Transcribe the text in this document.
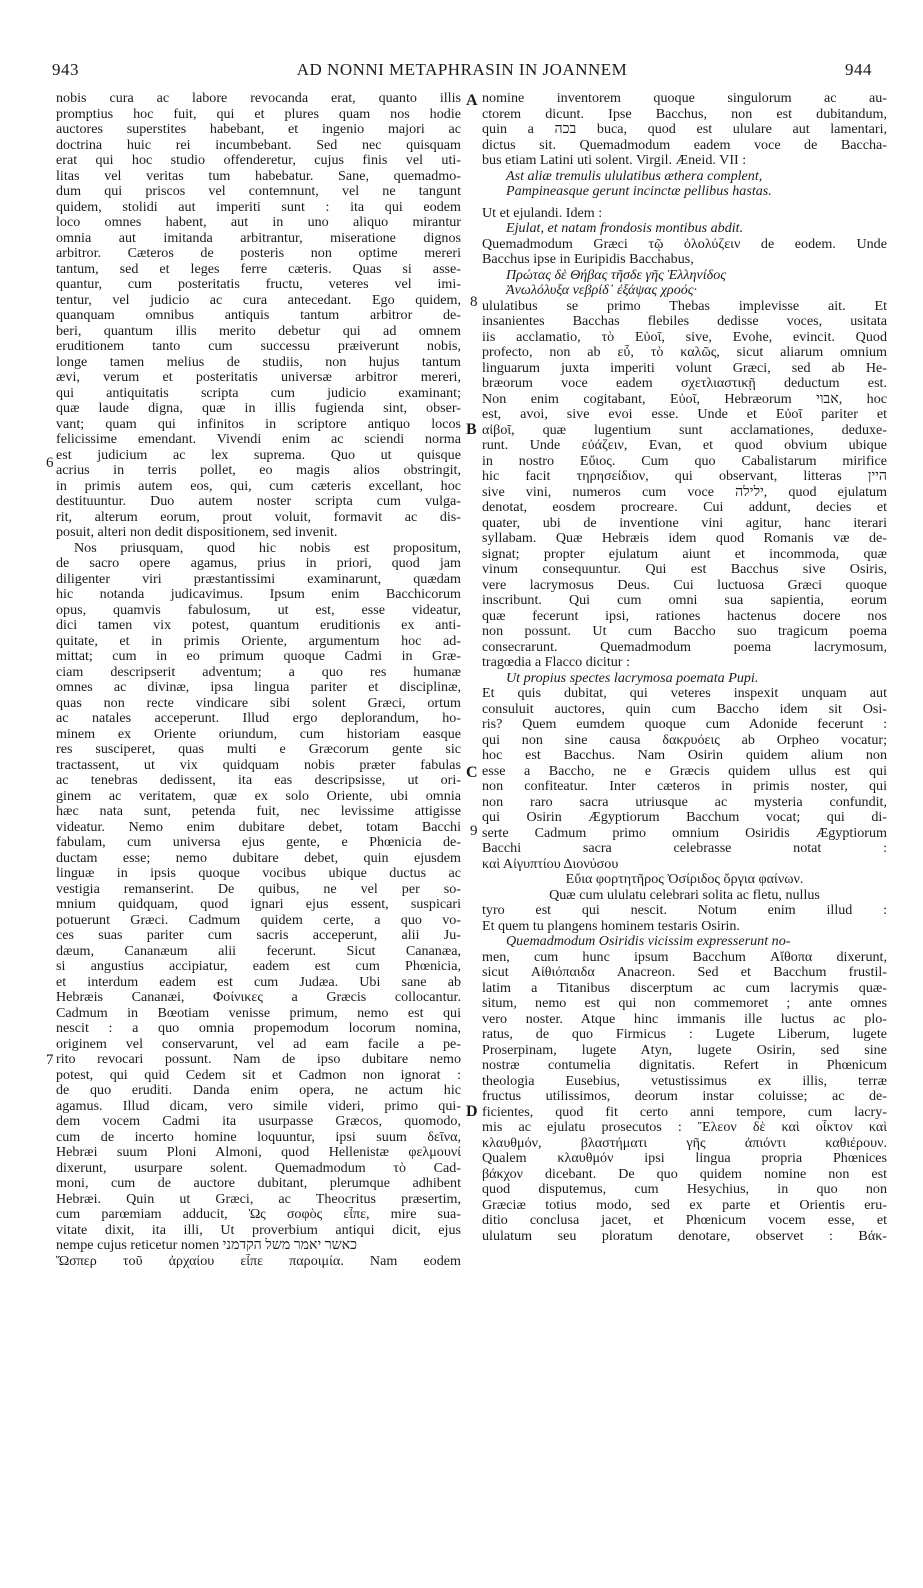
943	AD NONNI METAPHRASIN IN JOANNEM	944
nobis cura ac labore revocanda erat, quanto illis
promptius hoc fuit, qui et plures quam nos hodie
auctores superstites habebant, et ingenio majori ac
doctrina huic rei incumbebant. Sed nec quisquam
erat qui hoc studio offenderetur, cujus finis vel uti-
litas vel veritas tum habebatur. Sane, quemadmo-
dum qui priscos vel contemnunt, vel ne tangunt
quidem, stolidi aut imperiti sunt : ita qui eodem
loco omnes habent, aut in uno aliquo mirantur
omnia aut imitanda arbitrantur, miseratione dignos
arbitror. Cæteros de posteris non optime mereri
tantum, sed et leges ferre cæteris. Quas si asse-
quantur, cum posteritatis fructu, veteres vel imi-
tentur, vel judicio ac cura antecedant. Ego quidem,
quanquam omnibus antiquis tantum arbitror de-
beri, quantum illis merito debetur qui ad omnem
eruditionem tanto cum successu præiverunt nobis,
longe tamen melius de studiis, non hujus tantum
ævi, verum et posteritatis universæ arbitror mereri,
qui antiquitatis scripta cum judicio examinant;
quæ laude digna, quæ in illis fugienda sint, obser-
vant; quam qui infinitos in scriptore antiquo locos
felicissime emendant. Vivendi enim ac sciendi norma
est judicium ac lex suprema. Quo ut quisque
acrius in terris pollet, eo magis alios obstringit,
in primis autem eos, qui, cum cæteris excellant, hoc
destituuntur. Duo autem noster scripta cum vulga-
rit, alterum eorum, prout voluit, formavit ac dis-
posuit, alteri non dedit dispositionem, sed invenit.
Nos priusquam, quod hic nobis est propositum,
de sacro opere agamus, prius in priori, quod jam
diligenter viri præstantissimi examinarunt, quædam
hic notanda judicavimus. Ipsum enim Bacchicorum
opus, quamvis fabulosum, ut est, esse videatur,
dici tamen vix potest, quantum eruditionis ex anti-
quitate, et in primis Oriente, argumentum hoc ad-
mittat; cum in eo primum quoque Cadmi in Græ-
ciam descripserit adventum; a quo res humanæ
omnes ac divinæ, ipsa lingua pariter et disciplinæ,
quas non recte vindicare sibi solent Græci, ortum
ac natales acceperunt. Illud ergo deplorandum, ho-
minem ex Oriente oriundum, cum historiam easque
res susciperet, quas multi e Græcorum gente sic
tractassent, ut vix quidquam nobis præter fabulas
ac tenebras dedissent, ita eas descripsisse, ut ori-
ginem ac veritatem, quæ ex solo Oriente, ubi omnia
hæc nata sunt, petenda fuit, nec levissime attigisse
videatur. Nemo enim dubitare debet, totam Bacchi
fabulam, cum universa ejus gente, e Phœnicia de-
ductam esse; nemo dubitare debet, quin ejusdem
linguæ in ipsis quoque vocibus ubique ductus ac
vestigia remanserint. De quibus, ne vel per so-
mnium quidquam, quod ignari ejus essent, suspicari
potuerunt Græci. Cadmum quidem certe, a quo vo-
ces suas pariter cum sacris acceperunt, alii Ju-
dæum, Cananæum alii fecerunt. Sicut Cananæa,
si angustius accipiatur, eadem est cum Phœnicia,
et interdum eadem est cum Judæa. Ubi sane ab
Hebræis Cananæi, Φοίνικες a Græcis collocantur.
Cadmum in Bœotiam venisse primum, nemo est qui
nescit : a quo omnia propemodum locorum nomina,
originem vel conservarunt, vel ad eam facile a pe-
rito revocari possunt. Nam de ipso dubitare nemo
potest, qui quid Cedem sit et Cadmon non ignorat :
de quo eruditi. Danda enim opera, ne actum hic
agamus. Illud dicam, vero simile videri, primo qui-
dem vocem Cadmi ita usurpasse Græcos, quomodo,
cum de incerto homine loquuntur, ipsi suum δεῖνα,
Hebræi suum Ploni Almoni, quod Hellenistæ φελμουνί
dixerunt, usurpare solent. Quemadmodum τὸ Cad-
moni, cum de auctore dubitant, plerumque adhibent
Hebræi. Quin ut Græci, ac Theocritus præsertim,
cum parœmiam adducit, Ὡς σοφὸς εἶπε, mire sua-
vitate dixit, ita illi, Ut proverbium antiqui dicit, ejus
nempe cujus reticetur nomen כאשר יאמר משל הקדמני
Ὥσπερ τοῦ ἀρχαίου εἶπε παροιμία. Nam eodem
nomine inventorem quoque singulorum ac au-
ctorem dicunt. Ipse Bacchus, non est dubitandum,
quin a בכה buca, quod est ululare aut lamentari,
dictus sit. Quemadmodum eadem voce de Baccha-
bus etiam Latini uti solent. Virgil. Æneid. VII :
Ast aliæ tremulis ululatibus æthera complent,
Pampineasque gerunt incinctæ pellibus hastas.
Ut et ejulandi. Idem :
Ejulat, et natam frondosis montibus abdit.
Quemadmodum Græci τῷ ὀλολύζειν de eodem. Unde
Bacchus ipse in Euripidis Bacchabus,
Πρώτας δὲ Θήβας τῆσδε γῆς Ἑλληνίδος
Ἀνωλόλυξα νεβρίδ᾽ ἐξάψας χροός·
ululatibus se primo Thebas implevisse ait. Et
insanientes Bacchas flebiles dedisse voces, usitata
iis acclamatio, τὸ Εὐοῖ, sive, Evohe, evincit. Quod
profecto, non ab εὖ, τὸ καλῶς, sicut aliarum omnium
linguarum juxta imperiti volunt Græci, sed ab He-
bræorum voce eadem σχετλιαστικῇ deductum est.
Non enim cogitabant, Εὐοῖ, Hebræorum אבוי, hoc
est, avoi, sive evoi esse. Unde et Εὐοῖ pariter et
αἰβοῖ, quæ lugentium sunt acclamationes, deduxe-
runt. Unde εὐάζειν, Evan, et quod obvium ubique
in nostro Εὔιος. Cum quo Cabalistarum mirifice
hic facit τηρησείδιον, qui observant, litteras היין
sive vini, numeros cum voce ילילה, quod ejulatum
denotat, eosdem procreare. Cui addunt, decies et
quater, ubi de inventione vini agitur, hanc iterari
syllabam. Quæ Hebræis idem quod Romanis væ de-
signat; propter ejulatum aiunt et incommoda, quæ
vinum consequuntur. Qui est Bacchus sive Osiris,
vere lacrymosus Deus. Cui luctuosa Græci quoque
inscribunt. Qui cum omni sua sapientia, eorum
quæ fecerunt ipsi, rationes hactenus docere nos
non possunt. Ut cum Baccho suo tragicum poema
consecrarunt. Quemadmodum poema lacrymosum,
tragœdia a Flacco dicitur :
Ut propius spectes lacrymosa poemata Pupi.
Et quis dubitat, qui veteres inspexit unquam aut
consuluit auctores, quin cum Baccho idem sit Osi-
ris? Quem eumdem quoque cum Adonide fecerunt :
qui non sine causa δακρυόεις ab Orpheo vocatur;
hoc est Bacchus. Nam Osirin quidem alium non
esse a Baccho, ne e Græcis quidem ullus est qui
non confiteatur. Inter cæteros in primis noster, qui
non raro sacra utriusque ac mysteria confundit,
qui Osirin Ægyptiorum Bacchum vocat; qui di-
serte Cadmum primo omnium Osiridis Ægyptiorum
Bacchi sacra celebrasse notat :
καὶ Αἰγυπτίου Διονύσου
Εὔια φορτητῆρος Ὀσίριδος ὄργια φαίνων.
Quæ cum ululatu celebrari solita ac fletu, nullus
tyro est qui nescit. Notum enim illud :
Et quem tu plangens hominem testaris Osirin.
Quemadmodum Osiridis vicissim expresserunt no-
men, cum hunc ipsum Bacchum Αἴθοπα dixerunt,
sicut Αἰθιόπαιδα Anacreon. Sed et Bacchum frustil-
latim a Titanibus discerptum ac cum lacrymis quæ-
situm, nemo est qui non commemoret ; ante omnes
vero noster. Atque hinc immanis ille luctus ac plo-
ratus, de quo Firmicus : Lugete Liberum, lugete
Proserpinam, lugete Atyn, lugete Osirin, sed sine
nostræ contumelia dignitatis. Refert in Phœnicum
theologia Eusebius, vetustissimus ex illis, terræ
fructus utilissimos, deorum instar coluisse; ac de-
ficientes, quod fit certo anni tempore, cum lacry-
mis ac ejulatu prosecutos : Ἔλεον δὲ καὶ οἶκτον καὶ
κλαυθμόν, βλαστήματι γῆς ἀπιόντι καθιέρουν.
Qualem κλαυθμόν ipsi lingua propria Phœnices
βάκχον dicebant. De quo quidem nomine non est
quod disputemus, cum Hesychius, in quo non
Græciæ totius modo, sed ex parte et Orientis eru-
ditio conclusa jacet, et Phœnicum vocem esse, et
ululatum seu ploratum denotare, observet : Βάκ-
A
B
C
D
6
7
8
9
